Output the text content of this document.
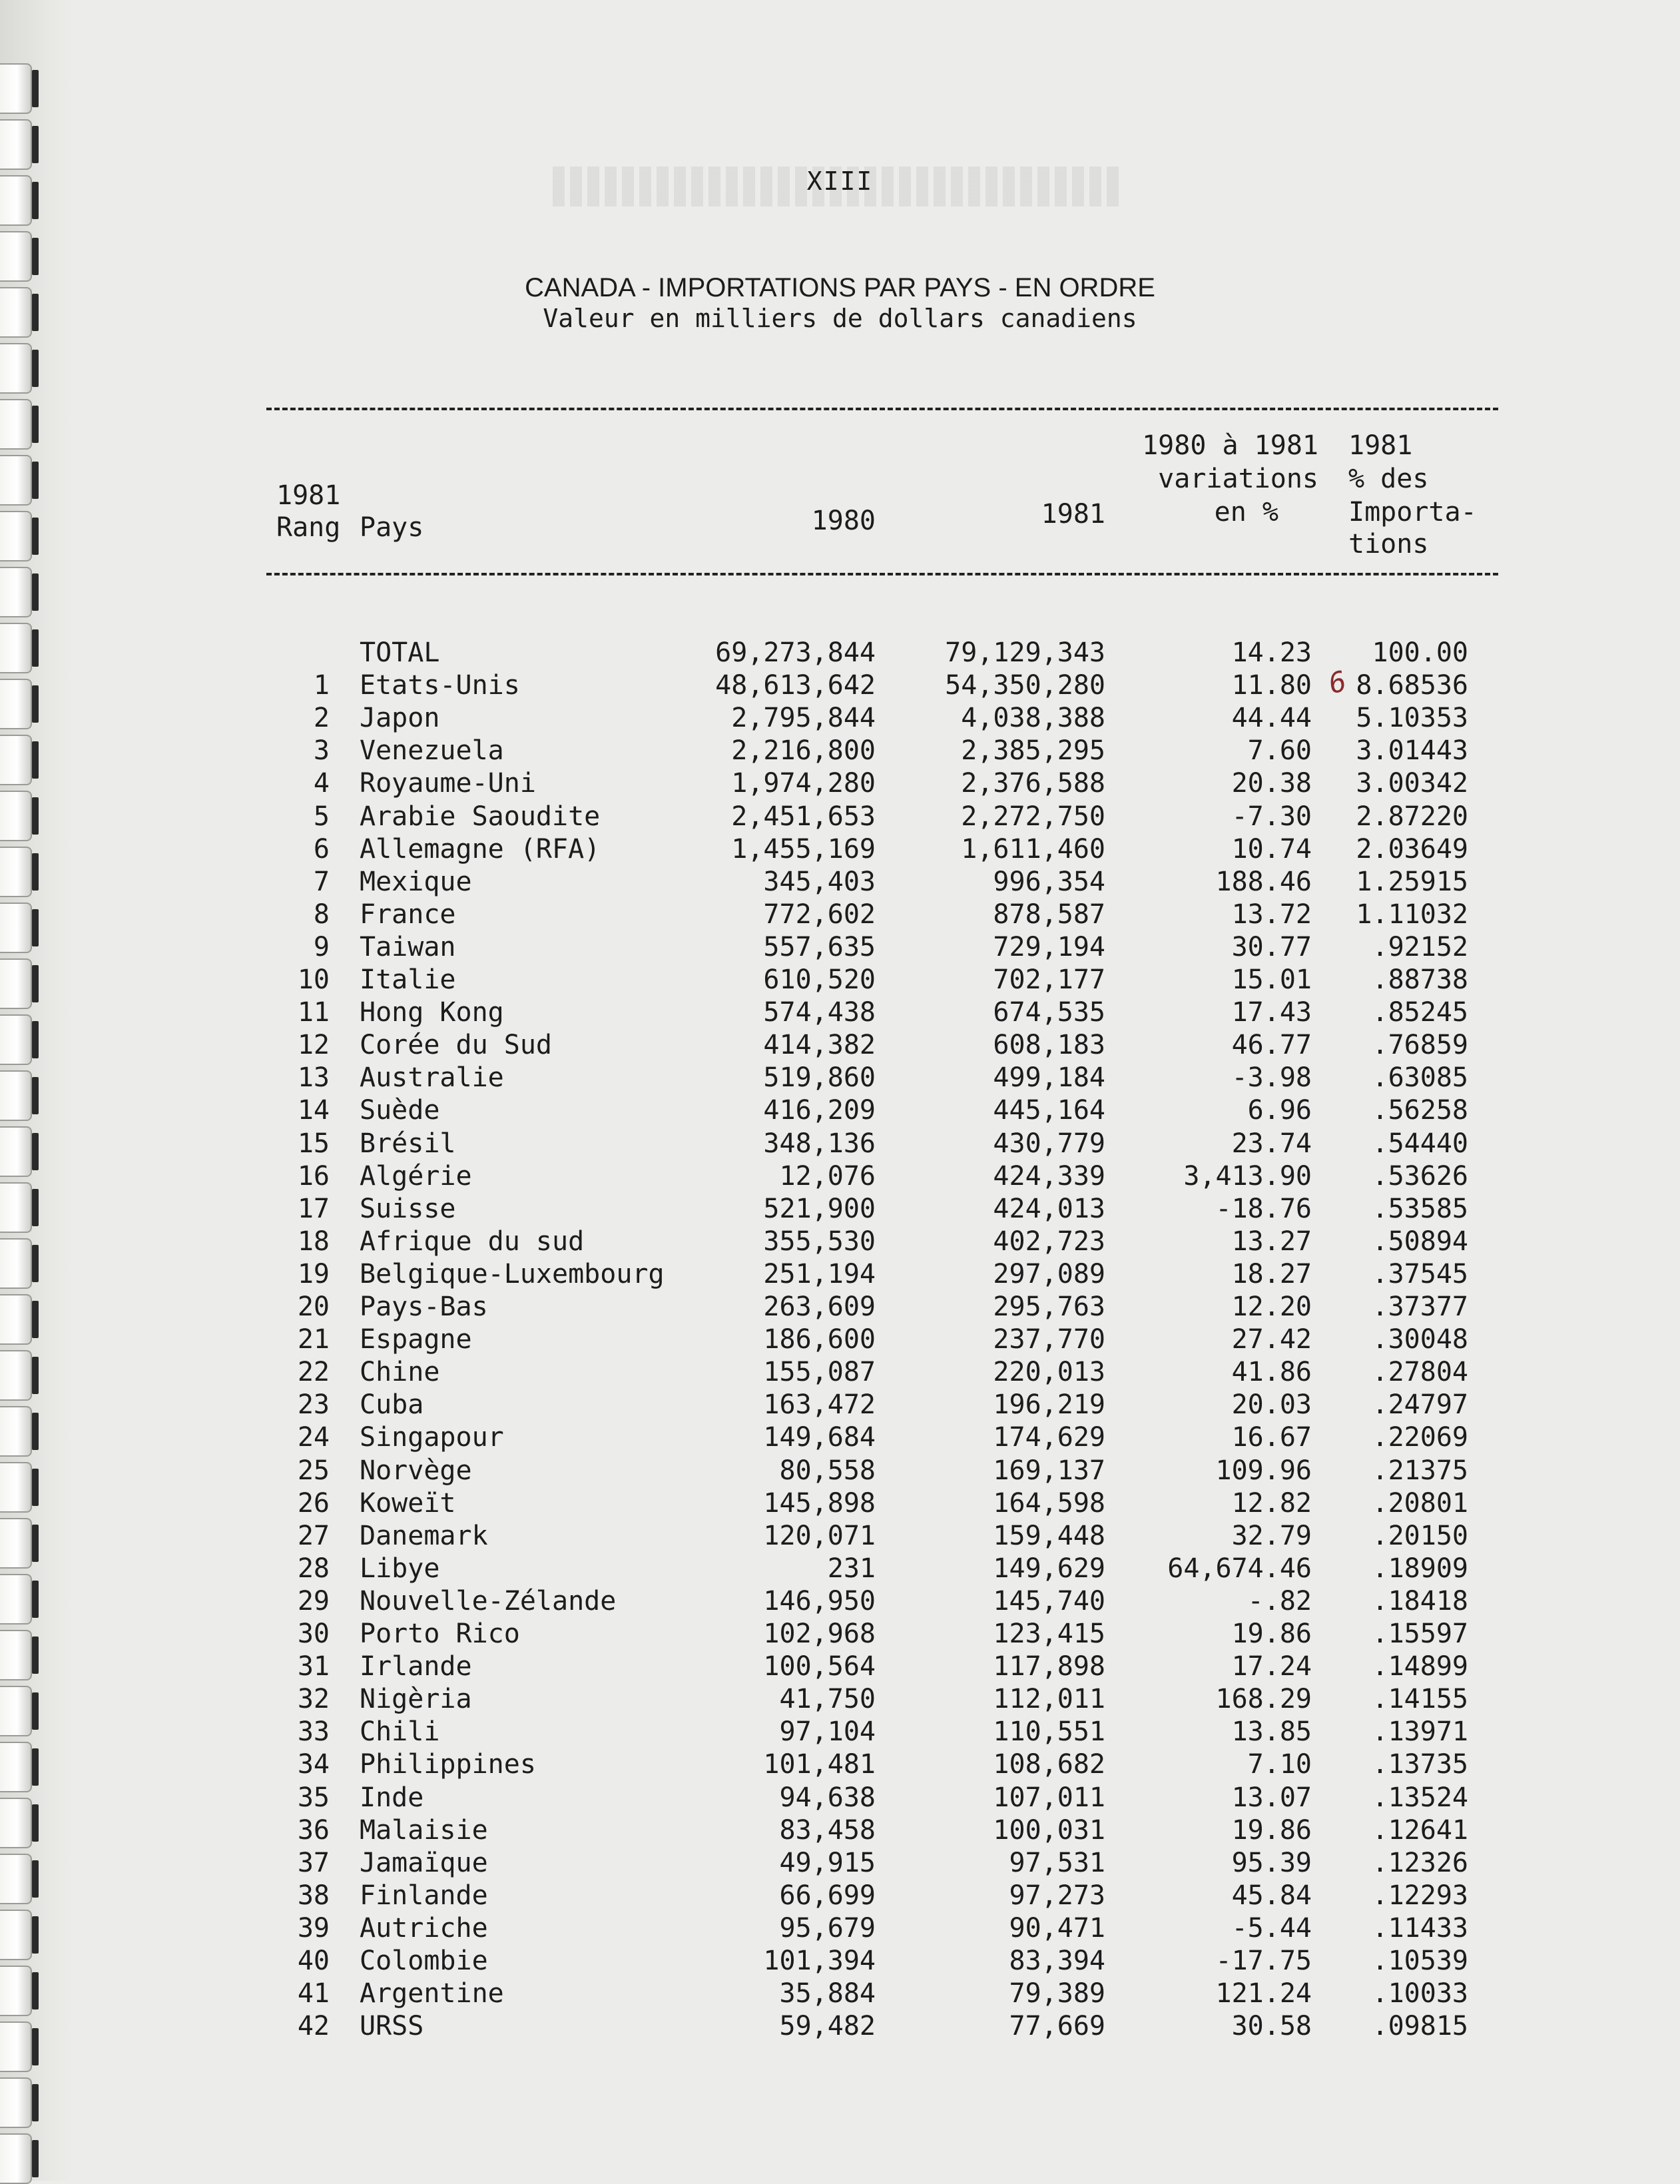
XIII
CANADA - IMPORTATIONS PAR PAYS - EN ORDRE
Valeur en milliers de dollars canadiens
1981
Rang Pays	1980	1981
1980 à 1981
variations
en %
1981
% des
Importa-
tions
TOTAL	69,273,844	79,129,343	14.23	100.00
1 Etats-Unis	48,613,642	54,350,280	11.80	8.68536
2 Japon	2,795,844	4,038,388	44.44	5.10353
3 Venezuela	2,216,800	2,385,295	7.60	3.01443
4 Royaume-Uni	1,974,280	2,376,588	20.38	3.00342
5 Arabie Saoudite	2,451,653	2,272,750	-7.30	2.87220
6 Allemagne (RFA)	1,455,169	1,611,460	10.74	2.03649
7 Mexique	345,403	996,354	188.46	1.25915
8 France	772,602	878,587	13.72	1.11032
9 Taiwan	557,635	729,194	30.77	.92152
10 Italie	610,520	702,177	15.01	.88738
11 Hong Kong	574,438	674,535	17.43	.85245
12 Corée du Sud	414,382	608,183	46.77	.76859
13 Australie	519,860	499,184	-3.98	.63085
14 Suède	416,209	445,164	6.96	.56258
15 Brésil	348,136	430,779	23.74	.54440
16 Algérie	12,076	424,339	3,413.90	.53626
17 Suisse	521,900	424,013	-18.76	.53585
18 Afrique du sud	355,530	402,723	13.27	.50894
19 Belgique-Luxembourg	251,194	297,089	18.27	.37545
20 Pays-Bas	263,609	295,763	12.20	.37377
21 Espagne	186,600	237,770	27.42	.30048
22 Chine	155,087	220,013	41.86	.27804
23 Cuba	163,472	196,219	20.03	.24797
24 Singapour	149,684	174,629	16.67	.22069
25 Norvège	80,558	169,137	109.96	.21375
26 Koweït	145,898	164,598	12.82	.20801
27 Danemark	120,071	159,448	32.79	.20150
28 Libye	231	149,629	64,674.46	.18909
29 Nouvelle-Zélande	146,950	145,740	-.82	.18418
30 Porto Rico	102,968	123,415	19.86	.15597
31 Irlande	100,564	117,898	17.24	.14899
32 Nigèria	41,750	112,011	168.29	.14155
33 Chili	97,104	110,551	13.85	.13971
34 Philippines	101,481	108,682	7.10	.13735
35 Inde	94,638	107,011	13.07	.13524
36 Malaisie	83,458	100,031	19.86	.12641
37 Jamaïque	49,915	97,531	95.39	.12326
38 Finlande	66,699	97,273	45.84	.12293
39 Autriche	95,679	90,471	-5.44	.11433
40 Colombie	101,394	83,394	-17.75	.10539
41 Argentine	35,884	79,389	121.24	.10033
42 URSS	59,482	77,669	30.58	.09815
6
